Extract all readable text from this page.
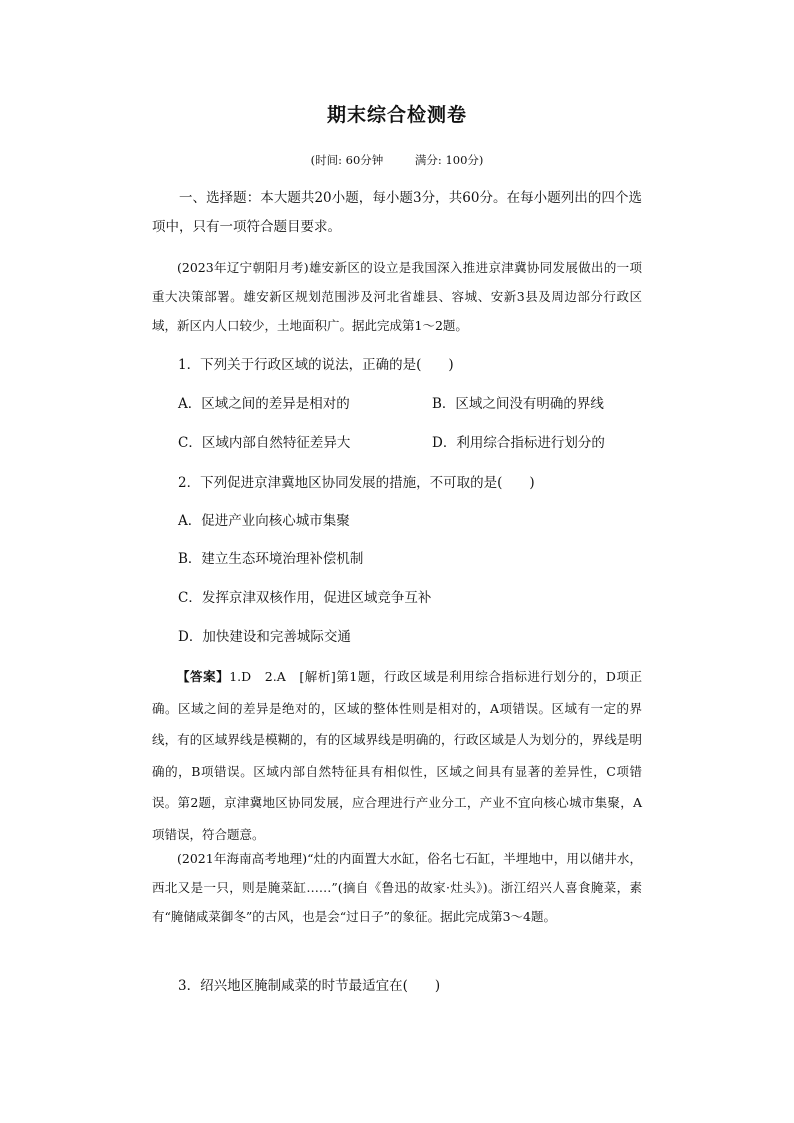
期末综合检测卷
(时间: 60分钟	满分: 100分)
一、选择题：本大题共20小题，每小题3分，共60分。在每小题列出的四个选项中，只有一项符合题目要求。
(2023年辽宁朝阳月考)雄安新区的设立是我国深入推进京津冀协同发展做出的一项重大决策部署。雄安新区规划范围涉及河北省雄县、容城、安新3县及周边部分行政区域，新区内人口较少，土地面积广。据此完成第1～2题。
1．下列关于行政区域的说法，正确的是(　　)
A．区域之间的差异是相对的	B．区域之间没有明确的界线
C．区域内部自然特征差异大	D．利用综合指标进行划分的
2．下列促进京津冀地区协同发展的措施，不可取的是(　　)
A．促进产业向核心城市集聚
B．建立生态环境治理补偿机制
C．发挥京津双核作用，促进区域竞争互补
D．加快建设和完善城际交通
【答案】1.D　2.A　[解析]第1题，行政区域是利用综合指标进行划分的，D项正确。区域之间的差异是绝对的，区域的整体性则是相对的，A项错误。区域有一定的界线，有的区域界线是模糊的，有的区域界线是明确的，行政区域是人为划分的，界线是明确的，B项错误。区域内部自然特征具有相似性，区域之间具有显著的差异性，C项错误。第2题，京津冀地区协同发展，应合理进行产业分工，产业不宜向核心城市集聚，A项错误，符合题意。
(2021年海南高考地理)“灶的内面置大水缸，俗名七石缸，半埋地中，用以储井水，西北又是一只，则是腌菜缸……”(摘自《鲁迅的故家·灶头》)。浙江绍兴人喜食腌菜，素有“腌储咸菜御冬”的古风，也是会“过日子”的象征。据此完成第3～4题。
3．绍兴地区腌制咸菜的时节最适宜在(　　)
